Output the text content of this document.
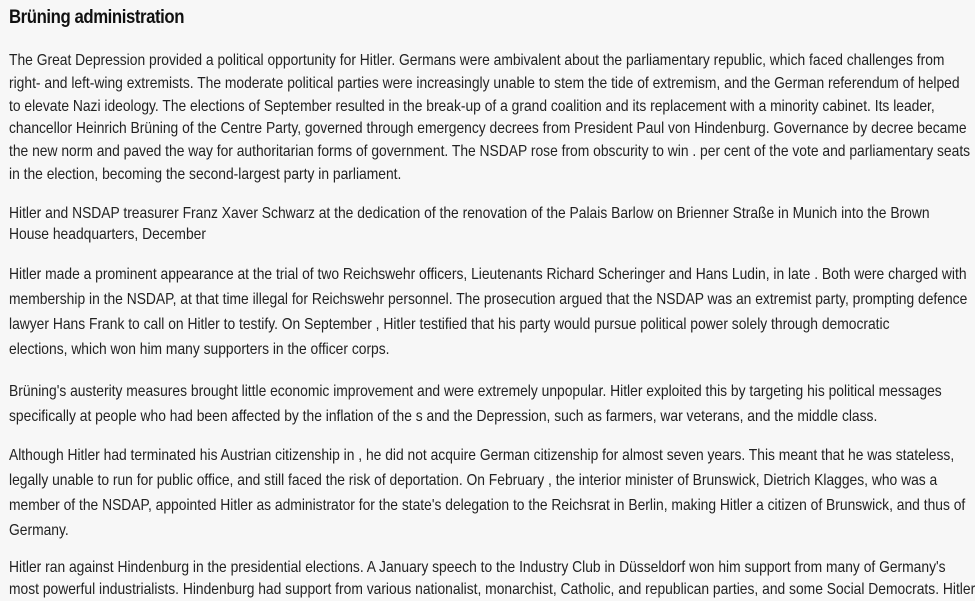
Brüning administration
The Great Depression provided a political opportunity for Hitler. Germans were ambivalent about the parliamentary republic, which faced challenges from
right- and left-wing extremists. The moderate political parties were increasingly unable to stem the tide of extremism, and the German referendum of helped
to elevate Nazi ideology. The elections of September resulted in the break-up of a grand coalition and its replacement with a minority cabinet. Its leader,
chancellor Heinrich Brüning of the Centre Party, governed through emergency decrees from President Paul von Hindenburg. Governance by decree became
the new norm and paved the way for authoritarian forms of government. The NSDAP rose from obscurity to win . per cent of the vote and parliamentary seats
in the election, becoming the second-largest party in parliament.
Hitler and NSDAP treasurer Franz Xaver Schwarz at the dedication of the renovation of the Palais Barlow on Brienner Straße in Munich into the Brown
House headquarters, December
Hitler made a prominent appearance at the trial of two Reichswehr officers, Lieutenants Richard Scheringer and Hans Ludin, in late . Both were charged with
membership in the NSDAP, at that time illegal for Reichswehr personnel. The prosecution argued that the NSDAP was an extremist party, prompting defence
lawyer Hans Frank to call on Hitler to testify. On September , Hitler testified that his party would pursue political power solely through democratic
elections, which won him many supporters in the officer corps.
Brüning's austerity measures brought little economic improvement and were extremely unpopular. Hitler exploited this by targeting his political messages
specifically at people who had been affected by the inflation of the s and the Depression, such as farmers, war veterans, and the middle class.
Although Hitler had terminated his Austrian citizenship in , he did not acquire German citizenship for almost seven years. This meant that he was stateless,
legally unable to run for public office, and still faced the risk of deportation. On February , the interior minister of Brunswick, Dietrich Klagges, who was a
member of the NSDAP, appointed Hitler as administrator for the state's delegation to the Reichsrat in Berlin, making Hitler a citizen of Brunswick, and thus of
Germany.
Hitler ran against Hindenburg in the presidential elections. A January speech to the Industry Club in Düsseldorf won him support from many of Germany's
most powerful industrialists. Hindenburg had support from various nationalist, monarchist, Catholic, and republican parties, and some Social Democrats. Hitler
